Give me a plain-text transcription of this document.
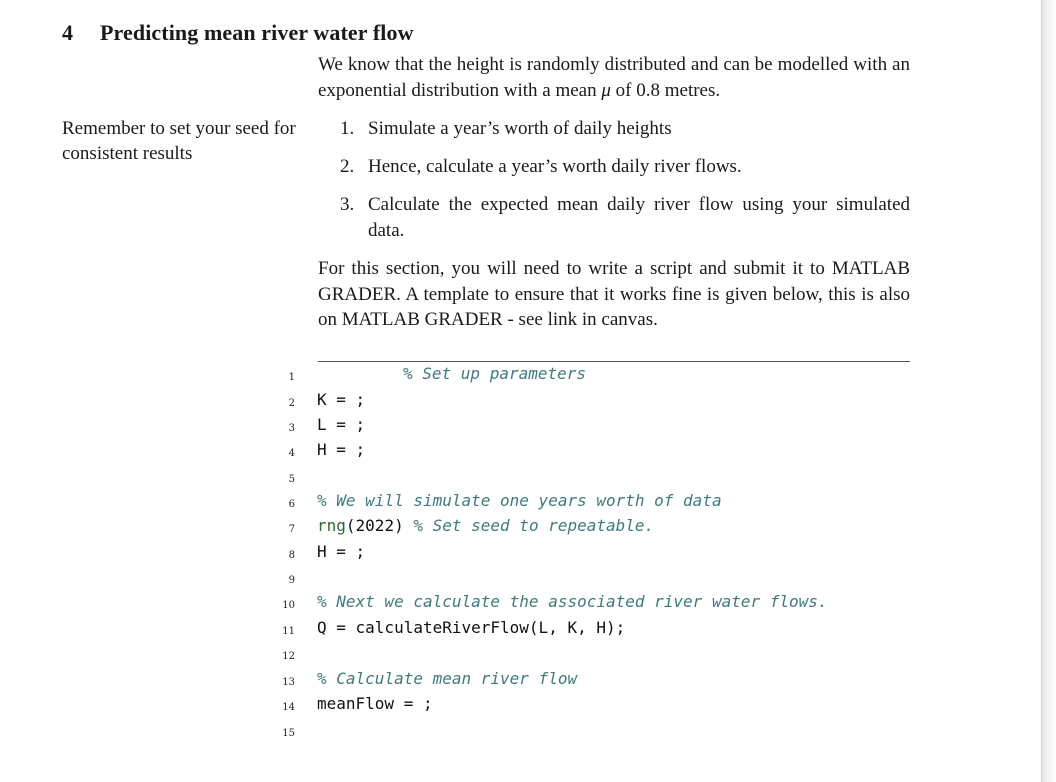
4 Predicting mean river water flow
We know that the height is randomly distributed and can be modelled with an exponential distribution with a mean μ of 0.8 metres.
Remember to set your seed for consistent results
1. Simulate a year’s worth of daily heights
2. Hence, calculate a year’s worth daily river flows.
3. Calculate the expected mean daily river flow using your simulated data.
For this section, you will need to write a script and submit it to MATLAB GRADER. A template to ensure that it works fine is given below, this is also on MATLAB GRADER - see link in canvas.
1	% Set up parameters
2 K = ;
3 L = ;
4 H = ;
5
6 % We will simulate one years worth of data
7 rng(2022) % Set seed to repeatable.
8 H = ;
9
10 % Next we calculate the associated river water flows.
11 Q = calculateRiverFlow(L, K, H);
12
13 % Calculate mean river flow
14 meanFlow = ;
15
